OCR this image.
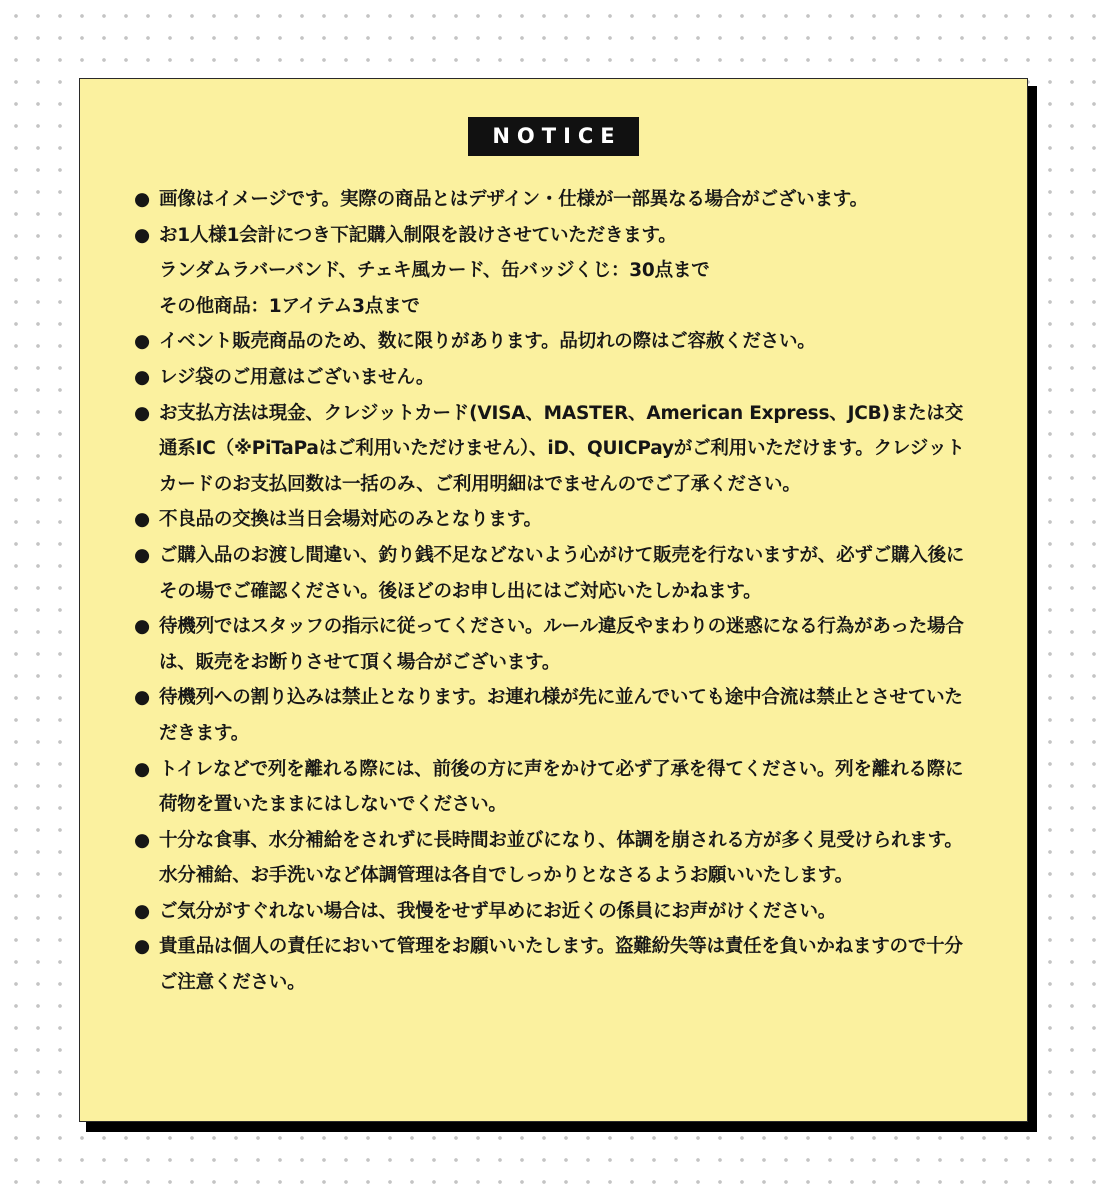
NOTICE
● 画像はイメージです。実際の商品とはデザイン・仕様が一部異なる場合がございます。
● お1人様1会計につき下記購入制限を設けさせていただきます。
ランダムラバーバンド、チェキ風カード、缶バッジくじ：30点まで
その他商品：1アイテム3点まで
● イベント販売商品のため、数に限りがあります。品切れの際はご容赦ください。
● レジ袋のご用意はございません。
● お支払方法は現金、クレジットカード(VISA、MASTER、American Express、JCB)または交通系IC（※PiTaPaはご利用いただけません）、iD、QUICPayがご利用いただけます。クレジットカードのお支払回数は一括のみ、ご利用明細はでませんのでご了承ください。
● 不良品の交換は当日会場対応のみとなります。
● ご購入品のお渡し間違い、釣り銭不足などないよう心がけて販売を行ないますが、必ずご購入後にその場でご確認ください。後ほどのお申し出にはご対応いたしかねます。
● 待機列ではスタッフの指示に従ってください。ルール違反やまわりの迷惑になる行為があった場合は、販売をお断りさせて頂く場合がございます。
● 待機列への割り込みは禁止となります。お連れ様が先に並んでいても途中合流は禁止とさせていただきます。
● トイレなどで列を離れる際には、前後の方に声をかけて必ず了承を得てください。列を離れる際に荷物を置いたままにはしないでください。
● 十分な食事、水分補給をされずに長時間お並びになり、体調を崩される方が多く見受けられます。水分補給、お手洗いなど体調管理は各自でしっかりとなさるようお願いいたします。
● ご気分がすぐれない場合は、我慢をせず早めにお近くの係員にお声がけください。
● 貴重品は個人の責任において管理をお願いいたします。盗難紛失等は責任を負いかねますので十分ご注意ください。
